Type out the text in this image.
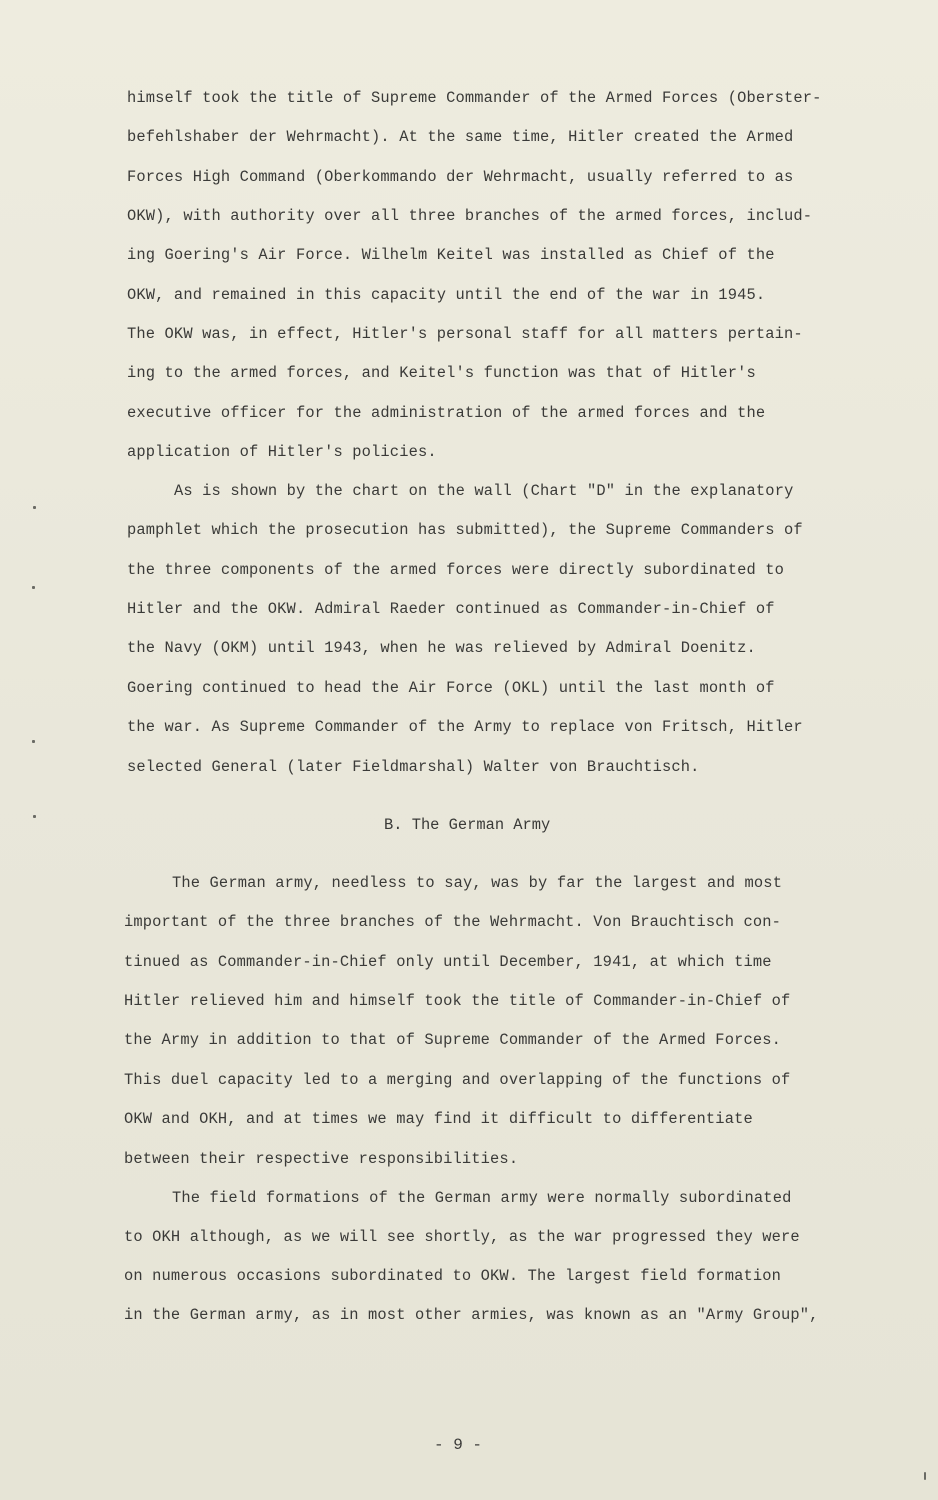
himself took the title of Supreme Commander of the Armed Forces (Oberster-
befehlshaber der Wehrmacht). At the same time, Hitler created the Armed
Forces High Command (Oberkommando der Wehrmacht, usually referred to as
OKW), with authority over all three branches of the armed forces, includ-
ing Goering's Air Force. Wilhelm Keitel was installed as Chief of the
OKW, and remained in this capacity until the end of the war in 1945.
The OKW was, in effect, Hitler's personal staff for all matters pertain-
ing to the armed forces, and Keitel's function was that of Hitler's
executive officer for the administration of the armed forces and the
application of Hitler's policies.
As is shown by the chart on the wall (Chart "D" in the explanatory
pamphlet which the prosecution has submitted), the Supreme Commanders of
the three components of the armed forces were directly subordinated to
Hitler and the OKW. Admiral Raeder continued as Commander-in-Chief of
the Navy (OKM) until 1943, when he was relieved by Admiral Doenitz.
Goering continued to head the Air Force (OKL) until the last month of
the war. As Supreme Commander of the Army to replace von Fritsch, Hitler
selected General (later Fieldmarshal) Walter von Brauchtisch.
B. The German Army
The German army, needless to say, was by far the largest and most
important of the three branches of the Wehrmacht. Von Brauchtisch con-
tinued as Commander-in-Chief only until December, 1941, at which time
Hitler relieved him and himself took the title of Commander-in-Chief of
the Army in addition to that of Supreme Commander of the Armed Forces.
This duel capacity led to a merging and overlapping of the functions of
OKW and OKH, and at times we may find it difficult to differentiate
between their respective responsibilities.
The field formations of the German army were normally subordinated
to OKH although, as we will see shortly, as the war progressed they were
on numerous occasions subordinated to OKW. The largest field formation
in the German army, as in most other armies, was known as an "Army Group",
- 9 -
